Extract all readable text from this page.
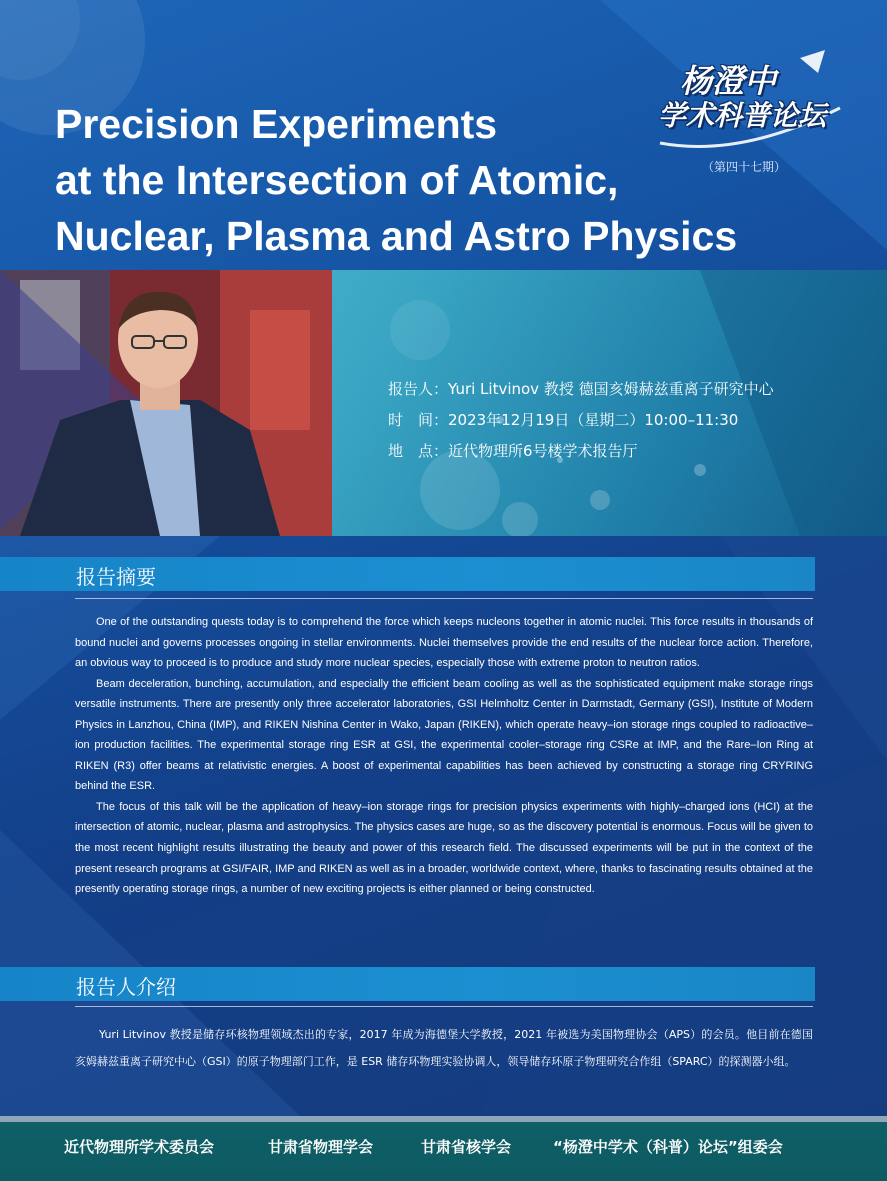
杨澄中
学术科普论坛
（第四十七期）
Precision Experiments
at the Intersection of Atomic,
Nuclear, Plasma and Astro Physics
报告人：Yuri Litvinov 教授 德国亥姆赫兹重离子研究中心
时　间：2023年12月19日（星期二）10:00–11:30
地　点：近代物理所6号楼学术报告厅
报告摘要

One of the outstanding quests today is to comprehend the force which keeps nucleons together in atomic nuclei. This force results in thousands of bound nuclei and governs processes ongoing in stellar environments. Nuclei themselves provide the end results of the nuclear force action. Therefore, an obvious way to proceed is to produce and study more nuclear species, especially those with extreme proton to neutron ratios.

Beam deceleration, bunching, accumulation, and especially the efficient beam cooling as well as the sophisticated equipment make storage rings versatile instruments. There are presently only three accelerator laboratories, GSI Helmholtz Center in Darmstadt, Germany (GSI), Institute of Modern Physics in Lanzhou, China (IMP), and RIKEN Nishina Center in Wako, Japan (RIKEN), which operate heavy–ion storage rings coupled to radioactive–ion production facilities. The experimental storage ring ESR at GSI, the experimental cooler–storage ring CSRe at IMP, and the Rare–Ion Ring at RIKEN (R3) offer beams at relativistic energies. A boost of experimental capabilities has been achieved by constructing a storage ring CRYRING behind the ESR.

The focus of this talk will be the application of heavy–ion storage rings for precision physics experiments with highly–charged ions (HCI) at the intersection of atomic, nuclear, plasma and astrophysics. The physics cases are huge, so as the discovery potential is enormous. Focus will be given to the most recent highlight results illustrating the beauty and power of this research field. The discussed experiments will be put in the context of the present research programs at GSI/FAIR, IMP and RIKEN as well as in a broader, worldwide context, where, thanks to fascinating results obtained at the presently operating storage rings, a number of new exciting projects is either planned or being constructed.

报告人介绍
Yuri Litvinov 教授是储存环核物理领域杰出的专家，2017 年成为海德堡大学教授，2021 年被选为美国物理协会（APS）的会员。他目前在德国亥姆赫兹重离子研究中心（GSI）的原子物理部门工作，是 ESR 储存环物理实验协调人，领导储存环原子物理研究合作组（SPARC）的探测器小组。
近代物理所学术委员会	甘肃省物理学会	甘肃省核学会	“杨澄中学术（科普）论坛”组委会
